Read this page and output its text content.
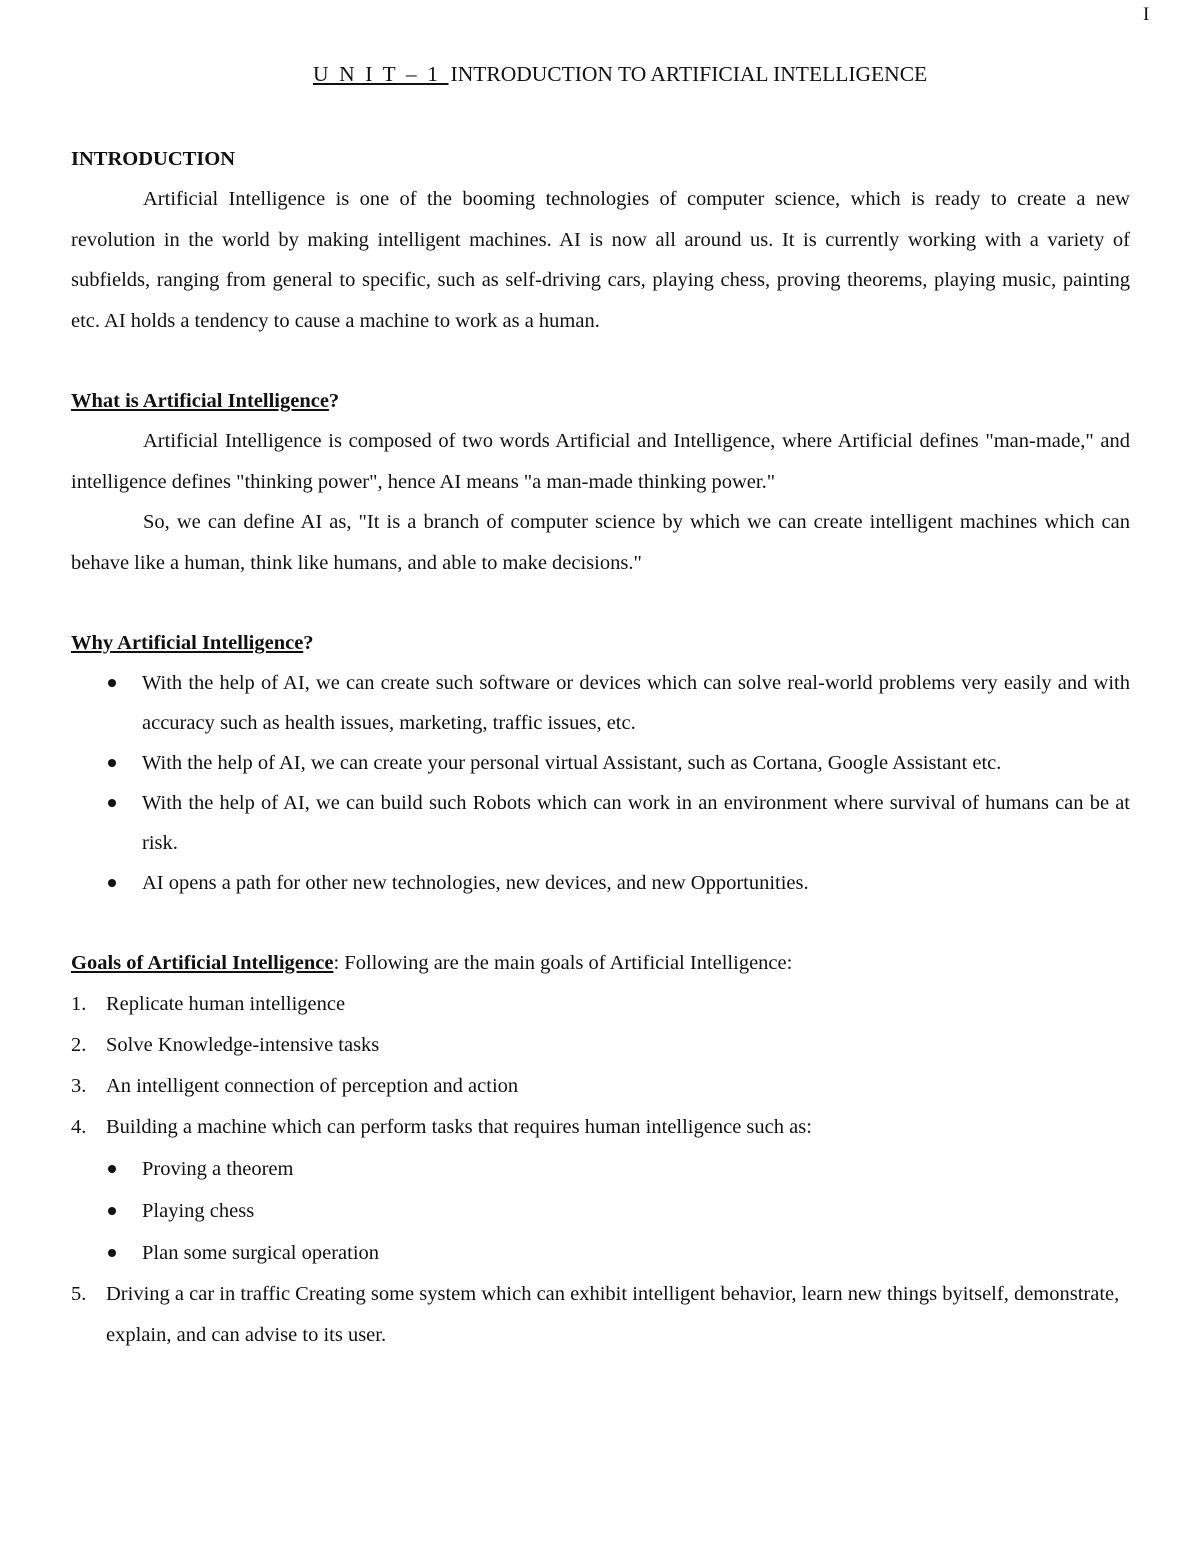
I
U N I T – 1 INTRODUCTION TO ARTIFICIAL INTELLIGENCE
INTRODUCTION

Artificial Intelligence is one of the booming technologies of computer science, which is ready to create a new revolution in the world by making intelligent machines. AI is now all around us. It is currently working with a variety of subfields, ranging from general to specific, such as self-driving cars, playing chess, proving theorems, playing music, painting etc. AI holds a tendency to cause a machine to work as a human.

What is Artificial Intelligence?

Artificial Intelligence is composed of two words Artificial and Intelligence, where Artificial defines "man-made," and intelligence defines "thinking power", hence AI means "a man-made thinking power."

So, we can define AI as, "It is a branch of computer science by which we can create intelligent machines which can behave like a human, think like humans, and able to make decisions."

Why Artificial Intelligence?
With the help of AI, we can create such software or devices which can solve real-world problems very easily and with accuracy such as health issues, marketing, traffic issues, etc.
With the help of AI, we can create your personal virtual Assistant, such as Cortana, Google Assistant etc.
With the help of AI, we can build such Robots which can work in an environment where survival of humans can be at risk.
AI opens a path for other new technologies, new devices, and new Opportunities.

Goals of Artificial Intelligence: Following are the main goals of Artificial Intelligence:

1. Replicate human intelligence
2. Solve Knowledge-intensive tasks
3. An intelligent connection of perception and action
4. Building a machine which can perform tasks that requires human intelligence such as:
Proving a theorem
Playing chess
Plan some surgical operation
5. Driving a car in traffic Creating some system which can exhibit intelligent behavior, learn new things byitself, demonstrate, explain, and can advise to its user.
